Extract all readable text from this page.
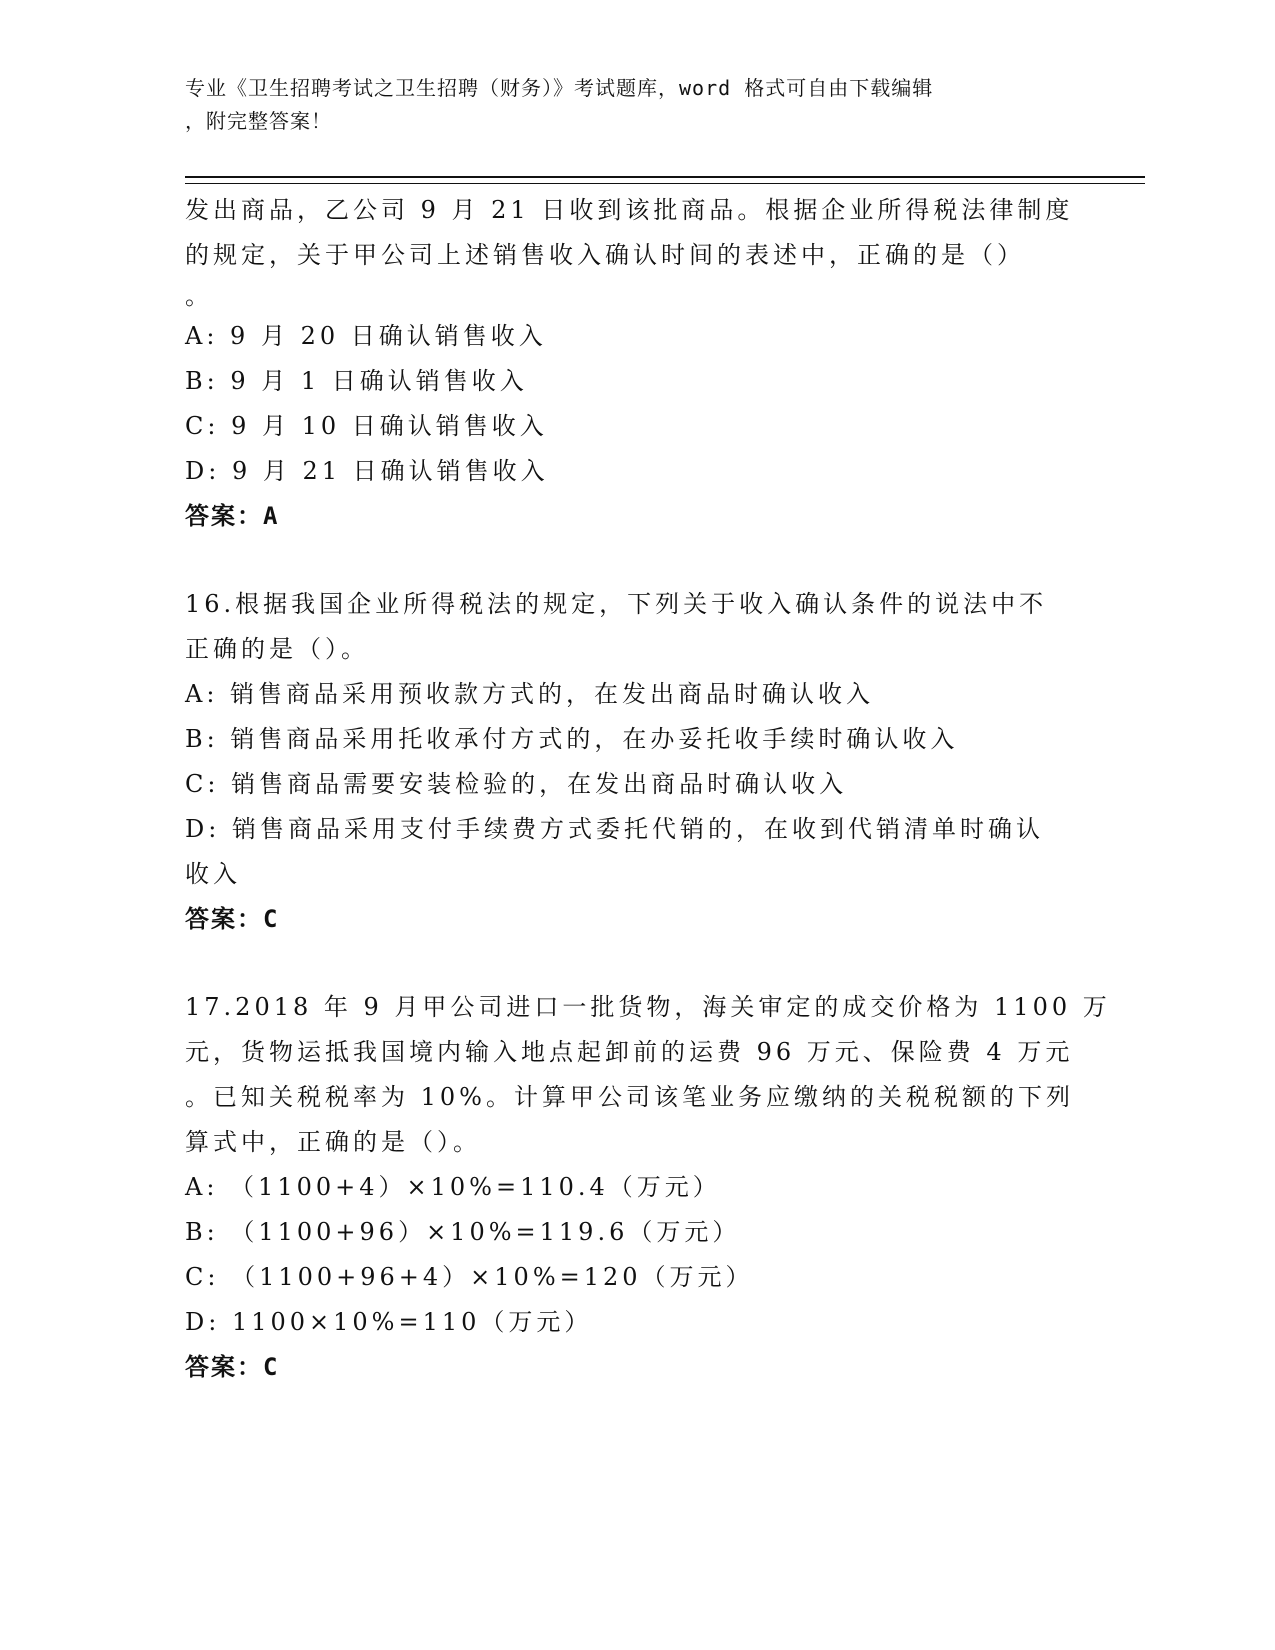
专业《卫生招聘考试之卫生招聘（财务）》考试题库，word 格式可自由下载编辑
，附完整答案！
发出商品，乙公司 9 月 21 日收到该批商品。根据企业所得税法律制度
的规定，关于甲公司上述销售收入确认时间的表述中，正确的是（）
。
A: 9 月 20 日确认销售收入
B: 9 月 1 日确认销售收入
C: 9 月 10 日确认销售收入
D: 9 月 21 日确认销售收入
答案：A
16.根据我国企业所得税法的规定，下列关于收入确认条件的说法中不
正确的是（）。
A: 销售商品采用预收款方式的，在发出商品时确认收入
B: 销售商品采用托收承付方式的，在办妥托收手续时确认收入
C: 销售商品需要安装检验的，在发出商品时确认收入
D: 销售商品采用支付手续费方式委托代销的，在收到代销清单时确认
收入
答案：C
17.2018 年 9 月甲公司进口一批货物，海关审定的成交价格为 1100 万
元，货物运抵我国境内输入地点起卸前的运费 96 万元、保险费 4 万元
。已知关税税率为 10%。计算甲公司该笔业务应缴纳的关税税额的下列
算式中，正确的是（）。
A: （1100+4）×10%=110.4（万元）
B: （1100+96）×10%=119.6（万元）
C: （1100+96+4）×10%=120（万元）
D: 1100×10%=110（万元）
答案：C
